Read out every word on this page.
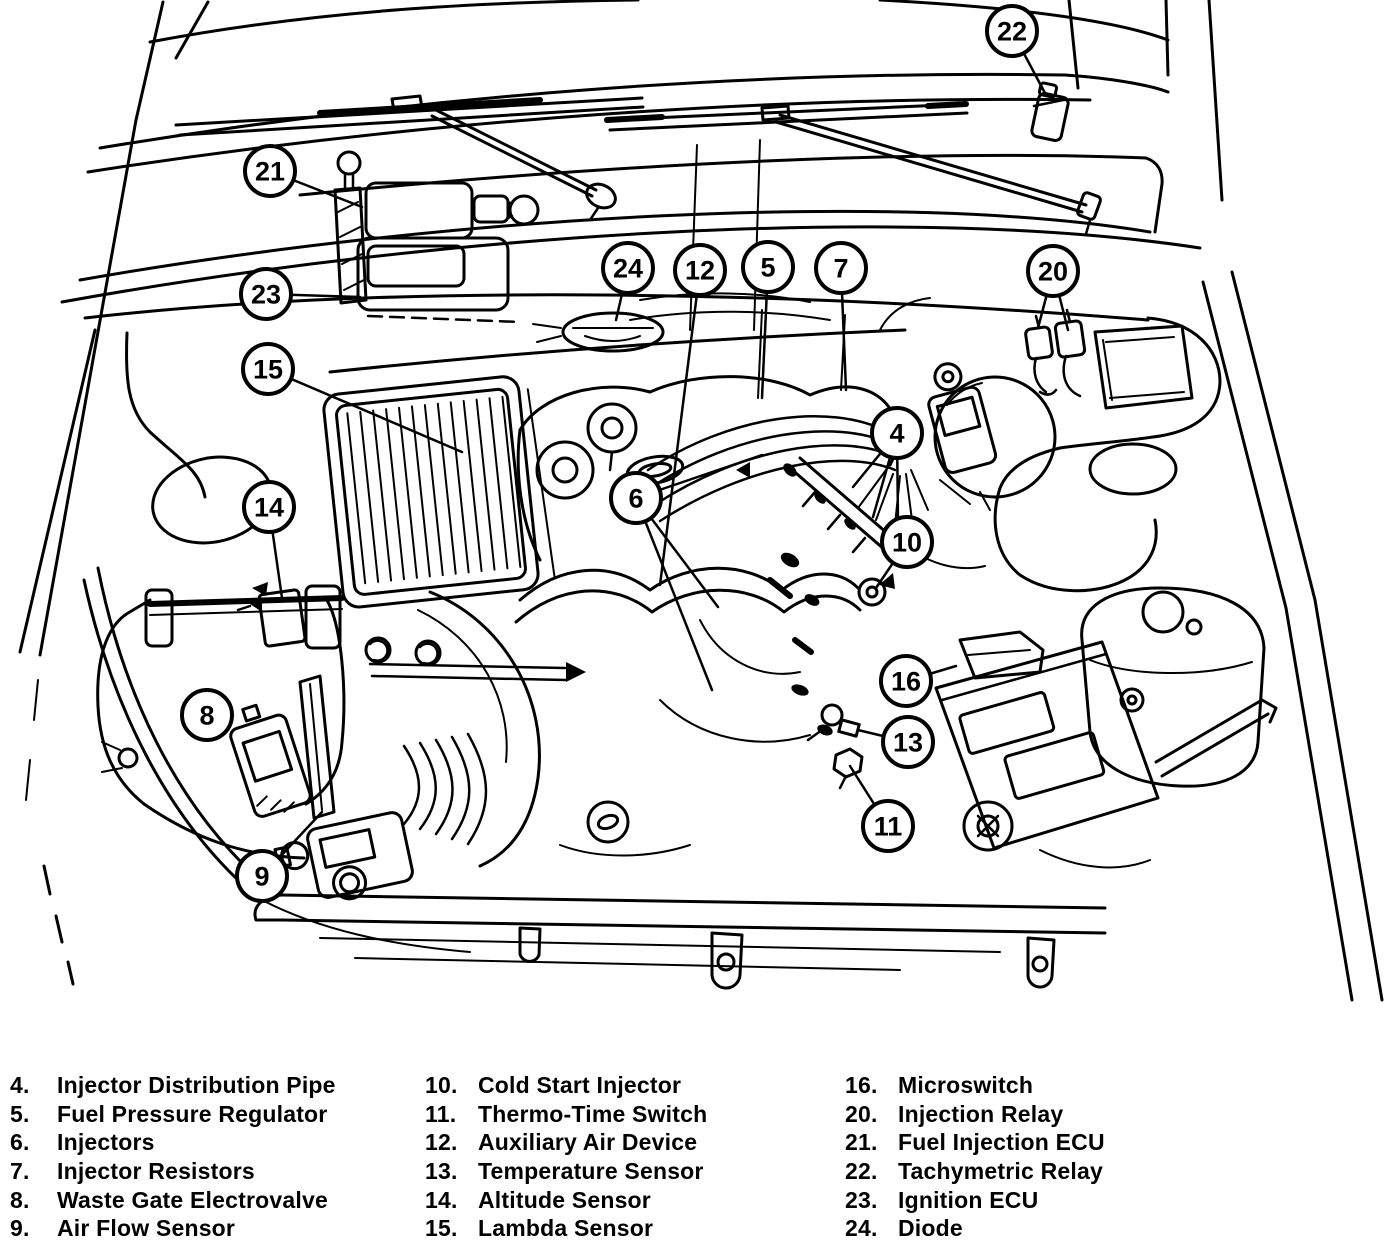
22
21
24 12 5 7	20
23
15
4
6
14
10
16
8
13
11
9
4.	Injector Distribution Pipe
5.	Fuel Pressure Regulator
6.	Injectors
7.	Injector Resistors
8.	Waste Gate Electrovalve
9.	Air Flow Sensor
10. Cold Start Injector
11. Thermo-Time Switch
12. Auxiliary Air Device
13. Temperature Sensor
14. Altitude Sensor
15. Lambda Sensor
16. Microswitch
20. Injection Relay
21. Fuel Injection ECU
22. Tachymetric Relay
23. Ignition ECU
24. Diode
